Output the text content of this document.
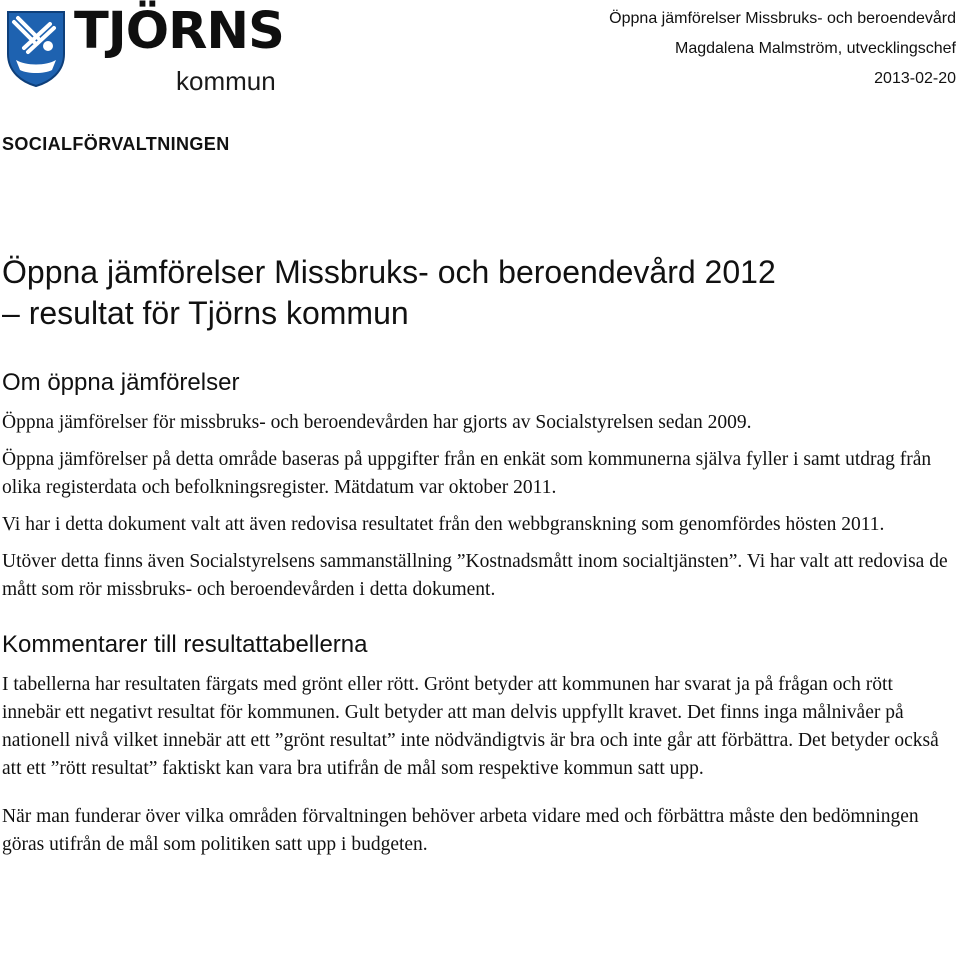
TJÖRNS
kommun
Öppna jämförelser Missbruks- och beroendevård
Magdalena Malmström, utvecklingschef
2013-02-20
SOCIALFÖRVALTNINGEN
Öppna jämförelser Missbruks- och beroendevård 2012
– resultat för Tjörns kommun
Om öppna jämförelser

Öppna jämförelser för missbruks- och beroendevården har gjorts av Socialstyrelsen sedan 2009.

Öppna jämförelser på detta område baseras på uppgifter från en enkät som kommunerna själva fyller i samt utdrag från olika registerdata och befolkningsregister. Mätdatum var oktober 2011.

Vi har i detta dokument valt att även redovisa resultatet från den webbgranskning som genomfördes hösten 2011.

Utöver detta finns även Socialstyrelsens sammanställning ”Kostnadsmått inom socialtjänsten”. Vi har valt att redovisa de mått som rör missbruks- och beroendevården i detta dokument.

Kommentarer till resultattabellerna

I tabellerna har resultaten färgats med grönt eller rött. Grönt betyder att kommunen har svarat ja på frågan och rött innebär ett negativt resultat för kommunen. Gult betyder att man delvis uppfyllt kravet. Det finns inga målnivåer på nationell nivå vilket innebär att ett ”grönt resultat” inte nödvändigtvis är bra och inte går att förbättra. Det betyder också att ett ”rött resultat” faktiskt kan vara bra utifrån de mål som respektive kommun satt upp.

När man funderar över vilka områden förvaltningen behöver arbeta vidare med och förbättra måste den bedömningen göras utifrån de mål som politiken satt upp i budgeten.
